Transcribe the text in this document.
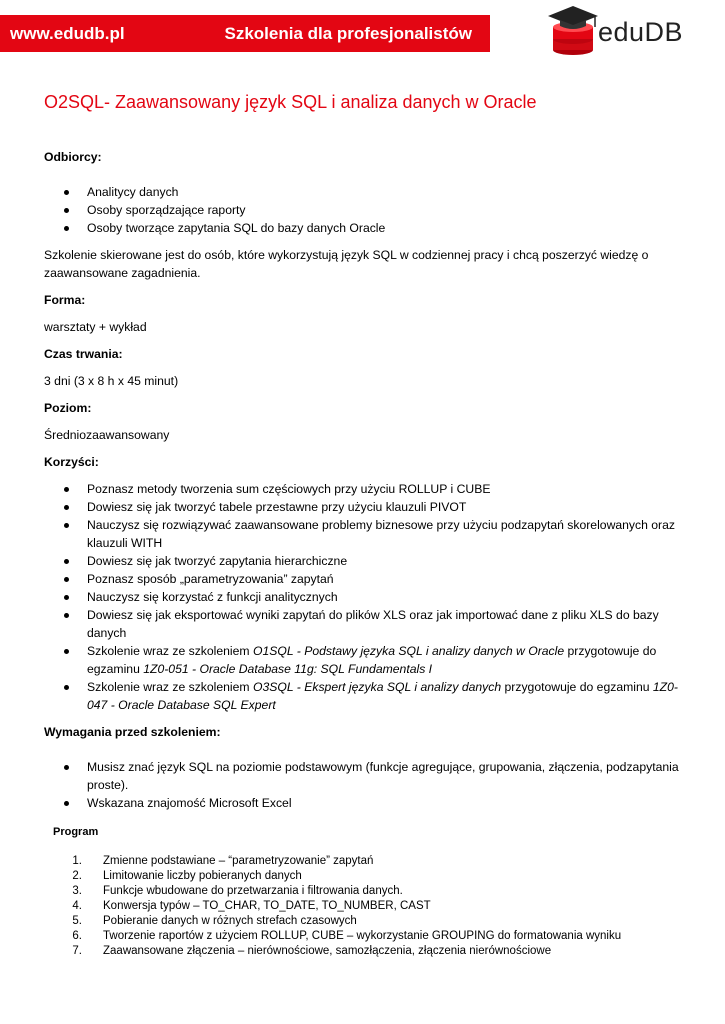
www.edudb.pl	Szkolenia dla profesjonalistów	eduDB
O2SQL- Zaawansowany język SQL i analiza danych w Oracle

Odbiorcy:

Analitycy danych
Osoby sporządzające raporty
Osoby tworzące zapytania SQL do bazy danych Oracle

Szkolenie skierowane jest do osób, które wykorzystują język SQL w codziennej pracy i chcą poszerzyć wiedzę o zaawansowane zagadnienia.

Forma:

warsztaty + wykład

Czas trwania:

3 dni (3 x 8 h x 45 minut)

Poziom:

Średniozaawansowany

Korzyści:

Poznasz metody tworzenia sum częściowych przy użyciu ROLLUP i CUBE
Dowiesz się jak tworzyć tabele przestawne przy użyciu klauzuli PIVOT
Nauczysz się rozwiązywać zaawansowane problemy biznesowe przy użyciu podzapytań skorelowanych oraz klauzuli WITH
Dowiesz się jak tworzyć zapytania hierarchiczne
Poznasz sposób „parametryzowania” zapytań
Nauczysz się korzystać z funkcji analitycznych
Dowiesz się jak eksportować wyniki zapytań do plików XLS oraz jak importować dane z pliku XLS do bazy danych
Szkolenie wraz ze szkoleniem O1SQL - Podstawy języka SQL i analizy danych w Oracle przygotowuje do egzaminu 1Z0-051 - Oracle Database 11g: SQL Fundamentals I
Szkolenie wraz ze szkoleniem O3SQL - Ekspert języka SQL i analizy danych przygotowuje do egzaminu 1Z0-047 - Oracle Database SQL Expert

Wymagania przed szkoleniem:

Musisz znać język SQL na poziomie podstawowym (funkcje agregujące, grupowania, złączenia, podzapytania proste).
Wskazana znajomość Microsoft Excel
Program
1.	Zmienne podstawiane – “parametryzowanie” zapytań
2.	Limitowanie liczby pobieranych danych
3.	Funkcje wbudowane do przetwarzania i filtrowania danych.
4.	Konwersja typów – TO_CHAR, TO_DATE, TO_NUMBER, CAST
5.	Pobieranie danych w różnych strefach czasowych
6.	Tworzenie raportów z użyciem ROLLUP, CUBE – wykorzystanie GROUPING do formatowania wyniku
7.	Zaawansowane złączenia – nierównościowe, samozłączenia, złączenia nierównościowe
